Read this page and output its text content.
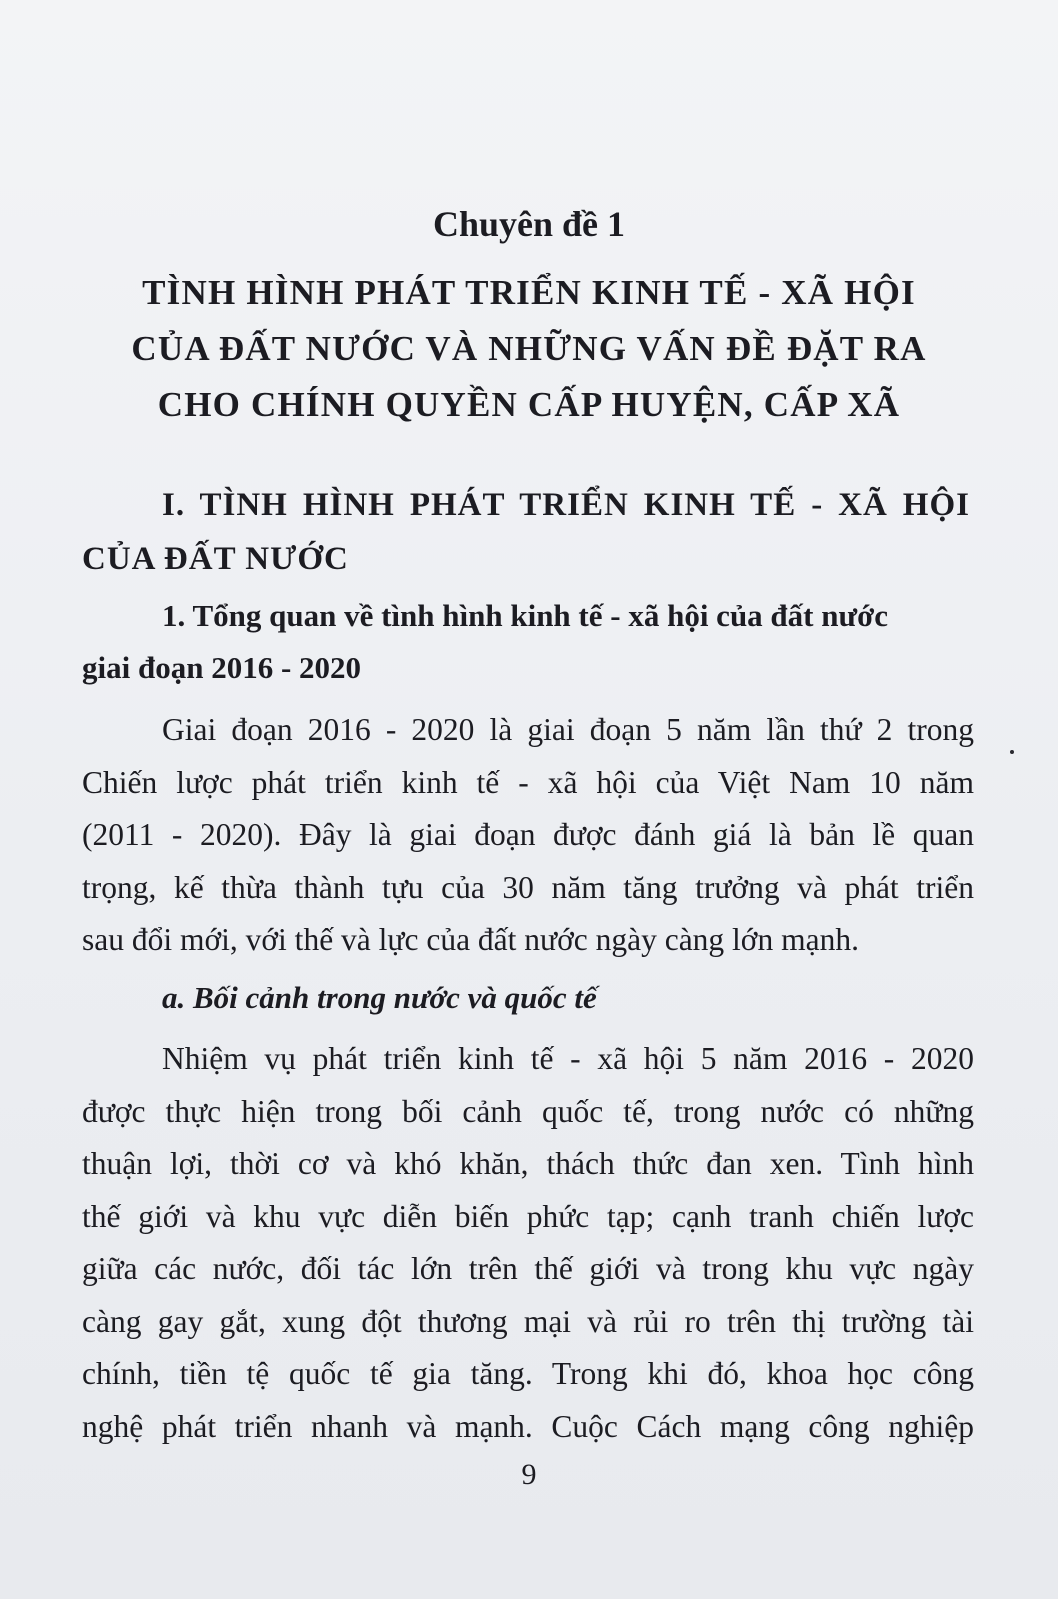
Chuyên đề 1
TÌNH HÌNH PHÁT TRIỂN KINH TẾ - XÃ HỘI
CỦA ĐẤT NƯỚC VÀ NHỮNG VẤN ĐỀ ĐẶT RA
CHO CHÍNH QUYỀN CẤP HUYỆN, CẤP XÃ
I. TÌNH HÌNH PHÁT TRIỂN KINH TẾ - XÃ HỘI
CỦA ĐẤT NƯỚC
1. Tổng quan về tình hình kinh tế - xã hội của đất nước
giai đoạn 2016 - 2020
Giai đoạn 2016 - 2020 là giai đoạn 5 năm lần thứ 2 trong
Chiến lược phát triển kinh tế - xã hội của Việt Nam 10 năm
(2011 - 2020). Đây là giai đoạn được đánh giá là bản lề quan
trọng, kế thừa thành tựu của 30 năm tăng trưởng và phát triển
sau đổi mới, với thế và lực của đất nước ngày càng lớn mạnh.
a. Bối cảnh trong nước và quốc tế
Nhiệm vụ phát triển kinh tế - xã hội 5 năm 2016 - 2020
được thực hiện trong bối cảnh quốc tế, trong nước có những
thuận lợi, thời cơ và khó khăn, thách thức đan xen. Tình hình
thế giới và khu vực diễn biến phức tạp; cạnh tranh chiến lược
giữa các nước, đối tác lớn trên thế giới và trong khu vực ngày
càng gay gắt, xung đột thương mại và rủi ro trên thị trường tài
chính, tiền tệ quốc tế gia tăng. Trong khi đó, khoa học công
nghệ phát triển nhanh và mạnh. Cuộc Cách mạng công nghiệp
9
